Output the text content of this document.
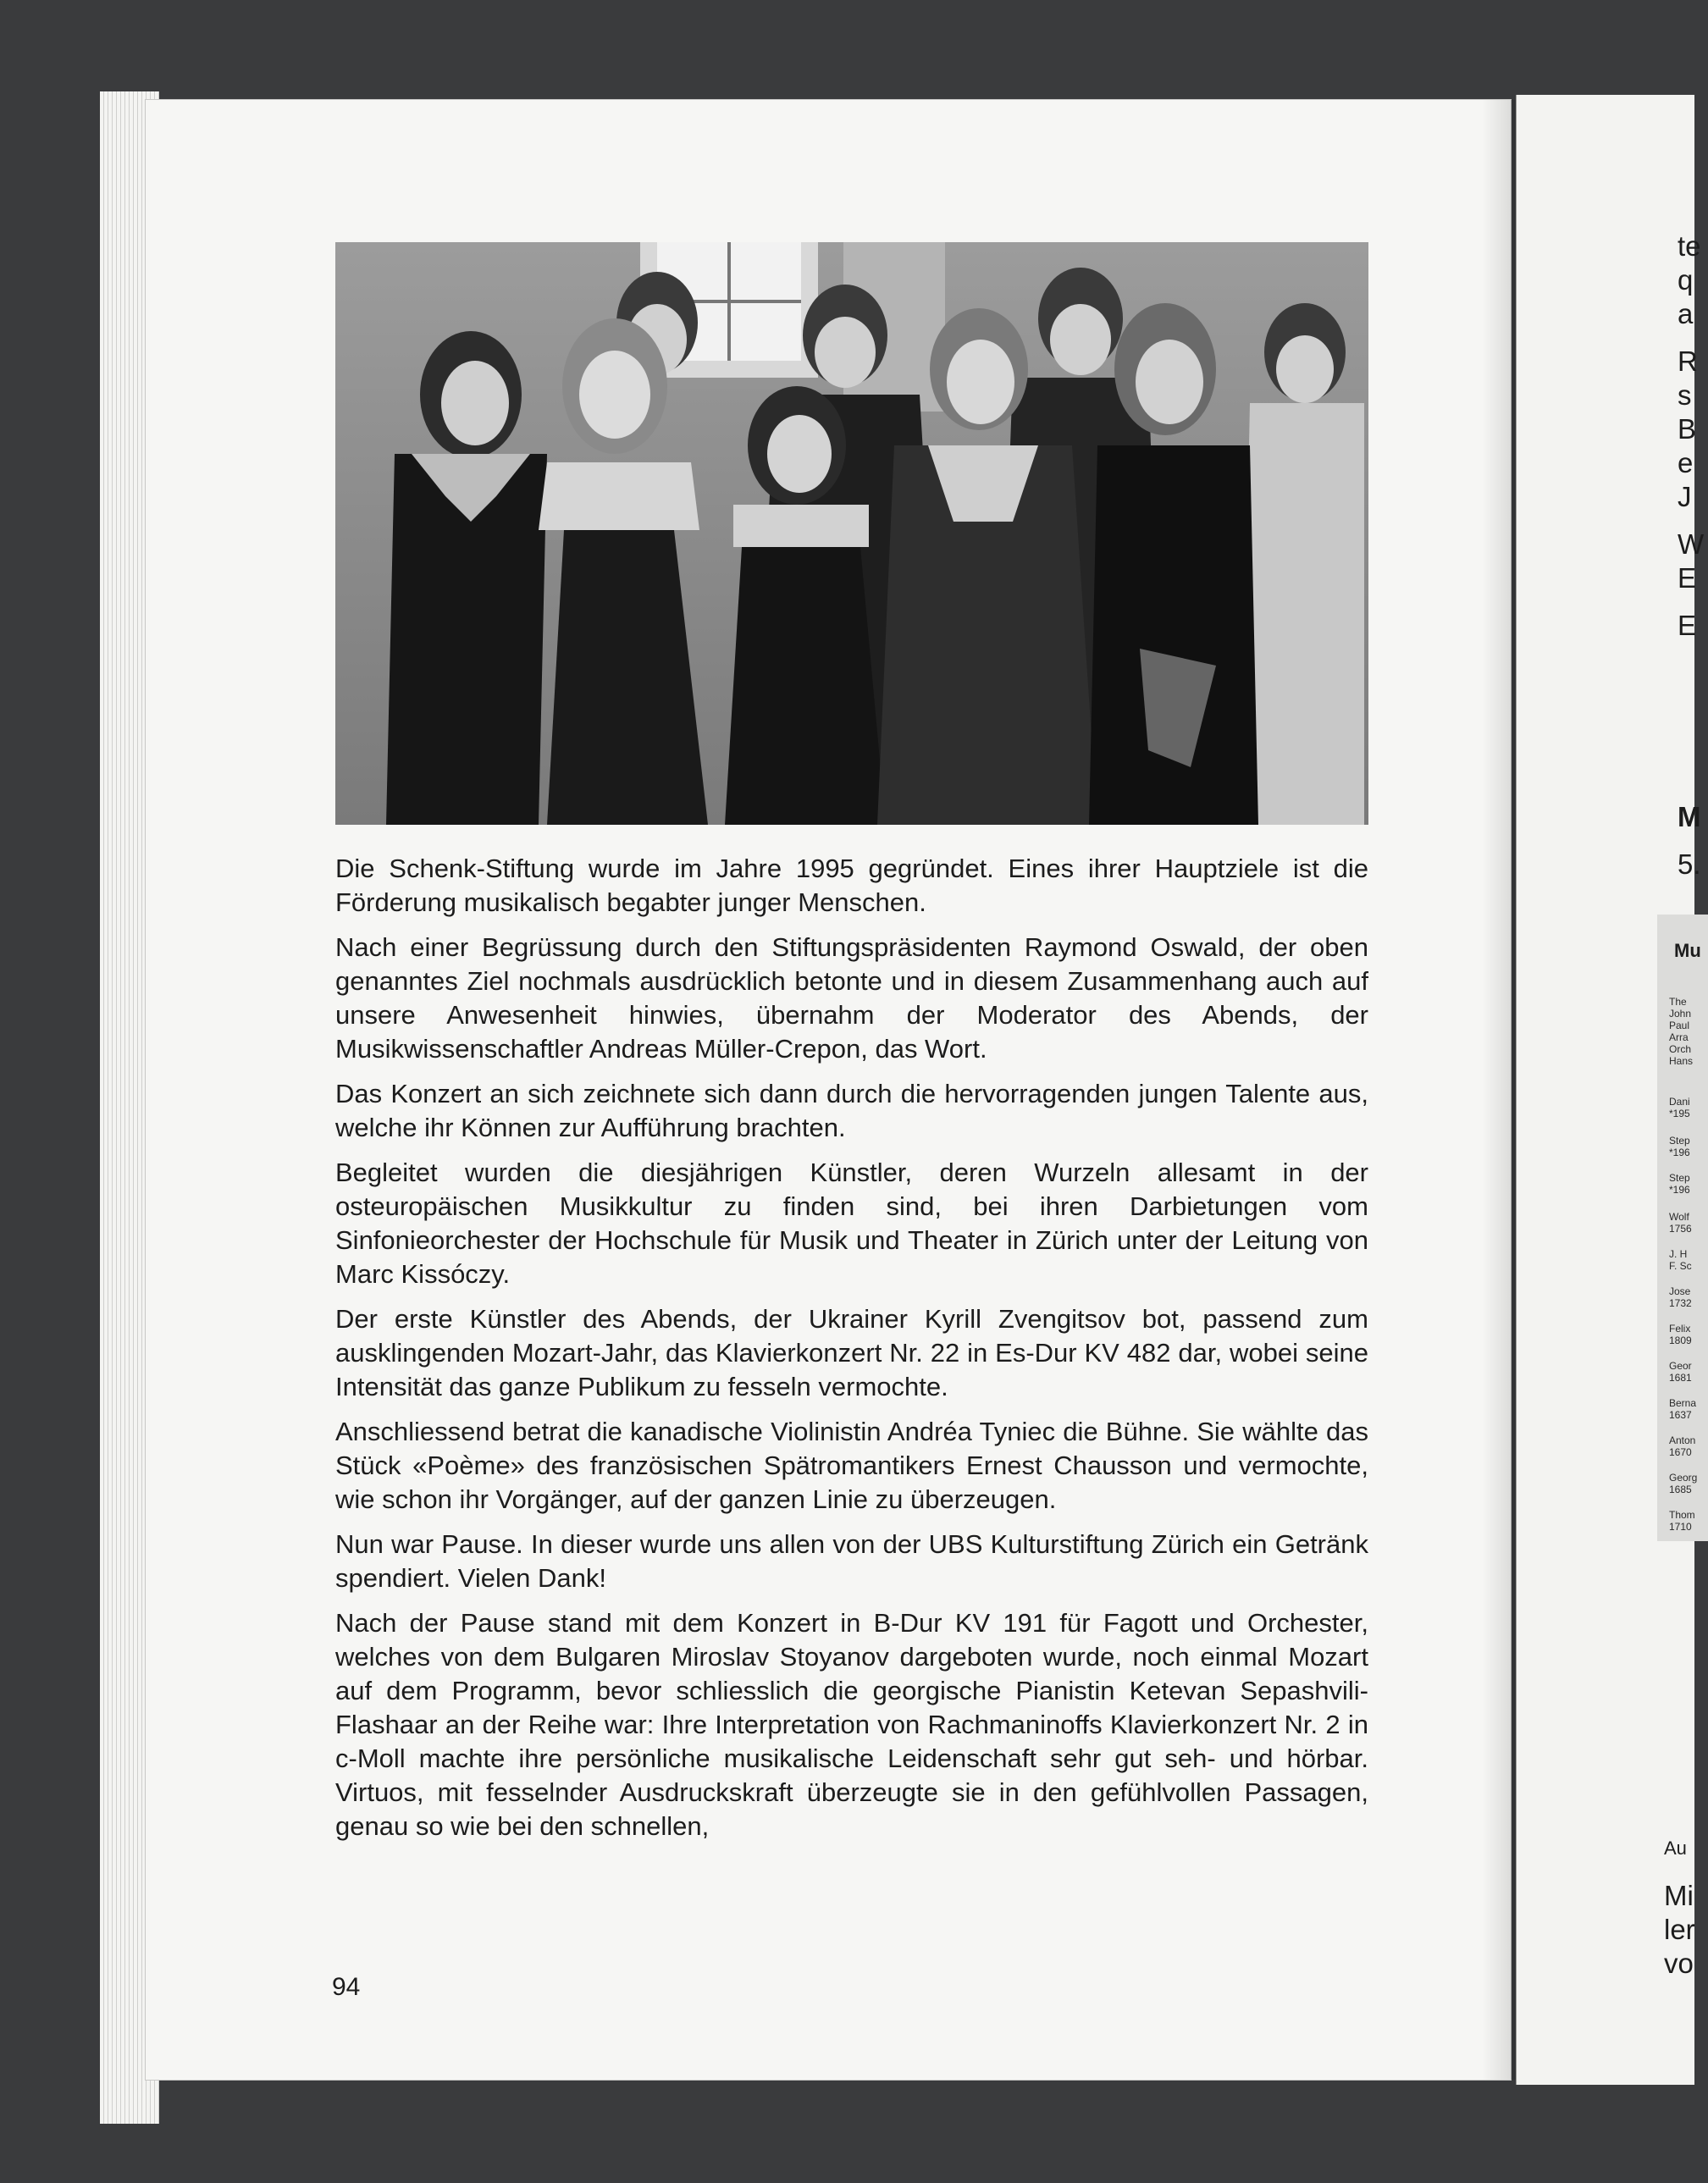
Die Schenk-Stiftung wurde im Jahre 1995 gegründet. Eines ihrer Hauptziele ist die Förderung musikalisch begabter junger Menschen.

Nach einer Begrüssung durch den Stiftungspräsidenten Raymond Oswald, der oben genanntes Ziel nochmals ausdrücklich betonte und in diesem Zusammenhang auch auf unsere Anwesenheit hinwies, übernahm der Moderator des Abends, der Musikwissenschaftler Andreas Müller-Crepon, das Wort.

Das Konzert an sich zeichnete sich dann durch die hervorragenden jungen Talente aus, welche ihr Können zur Aufführung brachten.

Begleitet wurden die diesjährigen Künstler, deren Wurzeln allesamt in der osteuropäischen Musikkultur zu finden sind, bei ihren Darbietungen vom Sinfonieorchester der Hochschule für Musik und Theater in Zürich unter der Leitung von Marc Kissóczy.

Der erste Künstler des Abends, der Ukrainer Kyrill Zvengitsov bot, passend zum ausklingenden Mozart-Jahr, das Klavierkonzert Nr. 22 in Es-Dur KV 482 dar, wobei seine Intensität das ganze Publikum zu fesseln vermochte.

Anschliessend betrat die kanadische Violinistin Andréa Tyniec die Bühne. Sie wählte das Stück «Poème» des französischen Spätromantikers Ernest Chausson und vermochte, wie schon ihr Vorgänger, auf der ganzen Linie zu überzeugen.

Nun war Pause. In dieser wurde uns allen von der UBS Kulturstiftung Zürich ein Getränk spendiert. Vielen Dank!

Nach der Pause stand mit dem Konzert in B-Dur KV 191 für Fagott und Orchester, welches von dem Bulgaren Miroslav Stoyanov dargeboten wurde, noch einmal Mozart auf dem Programm, bevor schliesslich die georgische Pianistin Ketevan Sepashvili-Flashaar an der Reihe war: Ihre Interpretation von Rachmaninoffs Klavierkonzert Nr. 2 in c-Moll machte ihre persönliche musikalische Leidenschaft sehr gut seh- und hörbar. Virtuos, mit fesselnder Ausdruckskraft überzeugte sie in den gefühlvollen Passagen, genau so wie bei den schnellen,

94
te
q
a
R
s
B
e
J
W
E
E
M
5.
Mu
The
John
Paul
Arra
Orch
Hans
Dani
*195
Step
*196
Step
*196
Wolf
1756
J. H
F. Sc
Jose
1732
Felix
1809
Geor
1681
Berna
1637
Anton
1670
Georg
1685
Thom
1710
Au
Mi
ler
vo
